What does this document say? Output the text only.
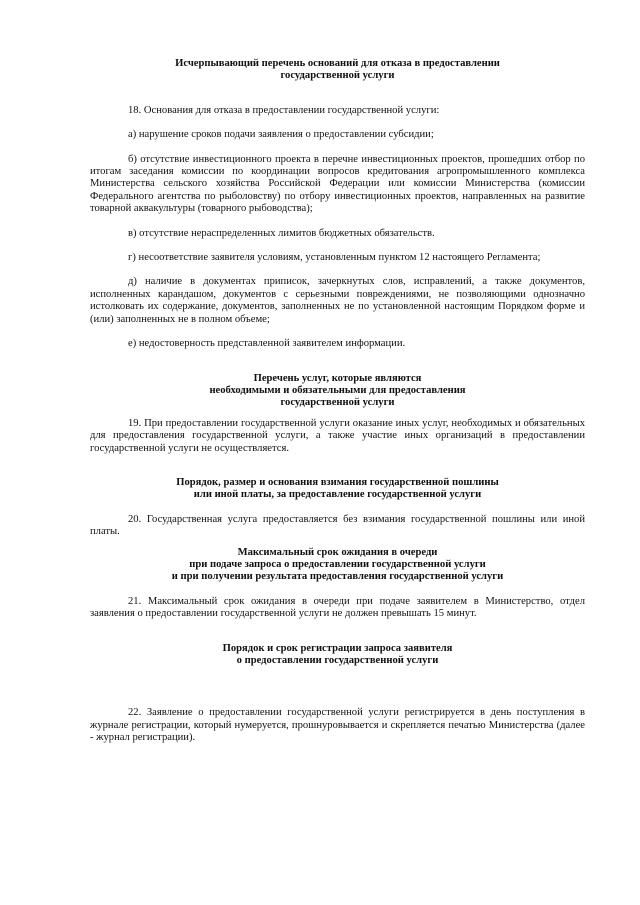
Исчерпывающий перечень оснований для отказа в предоставлении
государственной услуги

18. Основания для отказа в предоставлении государственной услуги:

а) нарушение сроков подачи заявления о предоставлении субсидии;

б) отсутствие инвестиционного проекта в перечне инвестиционных проектов, прошедших отбор по итогам заседания комиссии по координации вопросов кредитования агропромышленного комплекса Министерства сельского хозяйства Российской Федерации или комиссии Министерства (комиссии Федерального агентства по рыболовству) по отбору инвестиционных проектов, направленных на развитие товарной аквакультуры (товарного рыбоводства);

в) отсутствие нераспределенных лимитов бюджетных обязательств.

г) несоответствие заявителя условиям, установленным пунктом 12 настоящего Регламента;

д) наличие в документах приписок, зачеркнутых слов, исправлений, а также документов, исполненных карандашом, документов с серьезными повреждениями, не позволяющими однозначно истолковать их содержание, документов, заполненных не по установленной настоящим Порядком форме и (или) заполненных не в полном объеме;

е) недостоверность представленной заявителем информации.

Перечень услуг, которые являются
необходимыми и обязательными для предоставления
государственной услуги

19. При предоставлении государственной услуги оказание иных услуг, необходимых и обязательных для предоставления государственной услуги, а также участие иных организаций в предоставлении государственной услуги не осуществляется.

Порядок, размер и основания взимания государственной пошлины
или иной платы, за предоставление государственной услуги

20. Государственная услуга предоставляется без взимания государственной пошлины или иной платы.

Максимальный срок ожидания в очереди
при подаче запроса о предоставлении государственной услуги
и при получении результата предоставления государственной услуги

21. Максимальный срок ожидания в очереди при подаче заявителем в Министерство, отдел заявления о предоставлении государственной услуги не должен превышать 15 минут.

Порядок и срок регистрации запроса заявителя
о предоставлении государственной услуги

22. Заявление о предоставлении государственной услуги регистрируется в день поступления в журнале регистрации, который нумеруется, прошнуровывается и скрепляется печатью Министерства (далее - журнал регистрации).
